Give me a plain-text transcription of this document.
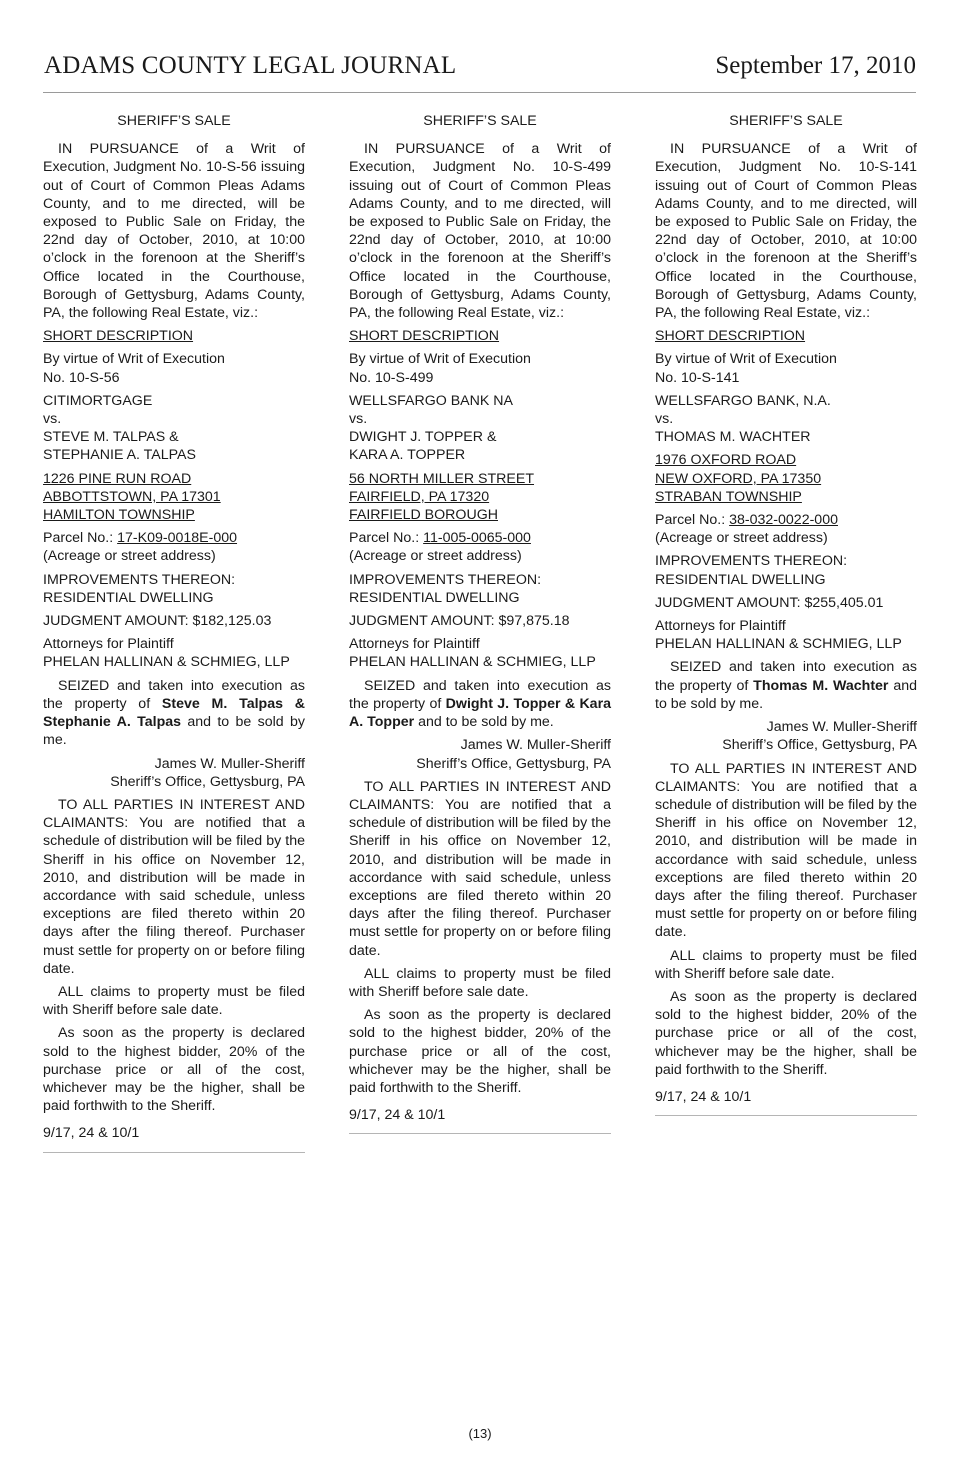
ADAMS COUNTY LEGAL JOURNAL	September 17, 2010

SHERIFF’S SALE

IN PURSUANCE of a Writ of Execution, Judgment No. 10-S-56 issuing out of Court of Common Pleas Adams County, and to me directed, will be exposed to Public Sale on Friday, the 22nd day of October, 2010, at 10:00 o’clock in the forenoon at the Sheriff’s Office located in the Courthouse, Borough of Gettysburg, Adams County, PA, the following Real Estate, viz.:

SHORT DESCRIPTION

By virtue of Writ of Execution

No. 10-S-56

CITIMORTGAGE

vs.

STEVE M. TALPAS &

STEPHANIE A. TALPAS

1226 PINE RUN ROAD

ABBOTTSTOWN, PA 17301

HAMILTON TOWNSHIP

Parcel No.: 17-K09-0018E-000

(Acreage or street address)

IMPROVEMENTS THEREON:

RESIDENTIAL DWELLING

JUDGMENT AMOUNT: $182,125.03

Attorneys for Plaintiff

PHELAN HALLINAN & SCHMIEG, LLP

SEIZED and taken into execution as the property of Steve M. Talpas & Stephanie A. Talpas and to be sold by me.

James W. Muller-Sheriff

Sheriff’s Office, Gettysburg, PA

TO ALL PARTIES IN INTEREST AND CLAIMANTS: You are notified that a schedule of distribution will be filed by the Sheriff in his office on November 12, 2010, and distribution will be made in accordance with said schedule, unless exceptions are filed thereto within 20 days after the filing thereof. Purchaser must settle for property on or before filing date.

ALL claims to property must be filed with Sheriff before sale date.

As soon as the property is declared sold to the highest bidder, 20% of the purchase price or all of the cost, whichever may be the higher, shall be paid forthwith to the Sheriff.

9/17, 24 & 10/1

SHERIFF’S SALE

IN PURSUANCE of a Writ of Execution, Judgment No. 10-S-499 issuing out of Court of Common Pleas Adams County, and to me directed, will be exposed to Public Sale on Friday, the 22nd day of October, 2010, at 10:00 o’clock in the forenoon at the Sheriff’s Office located in the Courthouse, Borough of Gettysburg, Adams County, PA, the following Real Estate, viz.:

SHORT DESCRIPTION

By virtue of Writ of Execution

No. 10-S-499

WELLSFARGO BANK NA

vs.

DWIGHT J. TOPPER &

KARA A. TOPPER

56 NORTH MILLER STREET

FAIRFIELD, PA 17320

FAIRFIELD BOROUGH

Parcel No.: 11-005-0065-000

(Acreage or street address)

IMPROVEMENTS THEREON:

RESIDENTIAL DWELLING

JUDGMENT AMOUNT: $97,875.18

Attorneys for Plaintiff

PHELAN HALLINAN & SCHMIEG, LLP

SEIZED and taken into execution as the property of Dwight J. Topper & Kara A. Topper and to be sold by me.

James W. Muller-Sheriff

Sheriff’s Office, Gettysburg, PA

TO ALL PARTIES IN INTEREST AND CLAIMANTS: You are notified that a schedule of distribution will be filed by the Sheriff in his office on November 12, 2010, and distribution will be made in accordance with said schedule, unless exceptions are filed thereto within 20 days after the filing thereof. Purchaser must settle for property on or before filing date.

ALL claims to property must be filed with Sheriff before sale date.

As soon as the property is declared sold to the highest bidder, 20% of the purchase price or all of the cost, whichever may be the higher, shall be paid forthwith to the Sheriff.

9/17, 24 & 10/1

SHERIFF’S SALE

IN PURSUANCE of a Writ of Execution, Judgment No. 10-S-141 issuing out of Court of Common Pleas Adams County, and to me directed, will be exposed to Public Sale on Friday, the 22nd day of October, 2010, at 10:00 o’clock in the forenoon at the Sheriff’s Office located in the Courthouse, Borough of Gettysburg, Adams County, PA, the following Real Estate, viz.:

SHORT DESCRIPTION

By virtue of Writ of Execution

No. 10-S-141

WELLSFARGO BANK, N.A.

vs.

THOMAS M. WACHTER

1976 OXFORD ROAD

NEW OXFORD, PA 17350

STRABAN TOWNSHIP

Parcel No.: 38-032-0022-000

(Acreage or street address)

IMPROVEMENTS THEREON:

RESIDENTIAL DWELLING

JUDGMENT AMOUNT: $255,405.01

Attorneys for Plaintiff

PHELAN HALLINAN & SCHMIEG, LLP

SEIZED and taken into execution as the property of Thomas M. Wachter and to be sold by me.

James W. Muller-Sheriff

Sheriff’s Office, Gettysburg, PA

TO ALL PARTIES IN INTEREST AND CLAIMANTS: You are notified that a schedule of distribution will be filed by the Sheriff in his office on November 12, 2010, and distribution will be made in accordance with said schedule, unless exceptions are filed thereto within 20 days after the filing thereof. Purchaser must settle for property on or before filing date.

ALL claims to property must be filed with Sheriff before sale date.

As soon as the property is declared sold to the highest bidder, 20% of the purchase price or all of the cost, whichever may be the higher, shall be paid forthwith to the Sheriff.

9/17, 24 & 10/1

(13)
